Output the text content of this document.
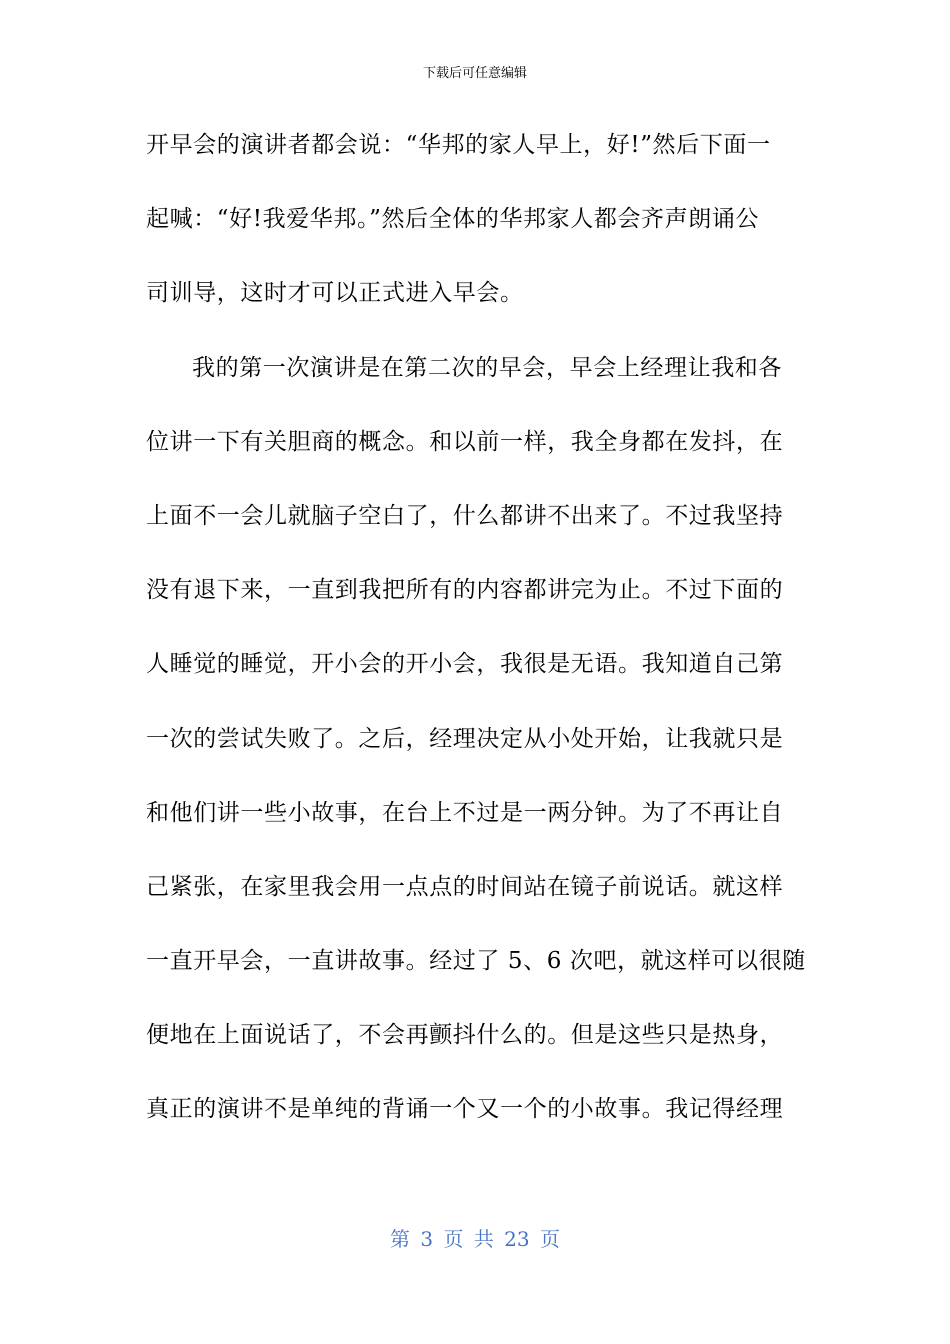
下载后可任意编辑
开早会的演讲者都会说：“华邦的家人早上，好!”然后下面一
起喊：“好!我爱华邦。”然后全体的华邦家人都会齐声朗诵公
司训导，这时才可以正式进入早会。
我的第一次演讲是在第二次的早会，早会上经理让我和各
位讲一下有关胆商的概念。和以前一样，我全身都在发抖，在
上面不一会儿就脑子空白了，什么都讲不出来了。不过我坚持
没有退下来，一直到我把所有的内容都讲完为止。不过下面的
人睡觉的睡觉，开小会的开小会，我很是无语。我知道自己第
一次的尝试失败了。之后，经理决定从小处开始，让我就只是
和他们讲一些小故事，在台上不过是一两分钟。为了不再让自
己紧张，在家里我会用一点点的时间站在镜子前说话。就这样
一直开早会，一直讲故事。经过了 5、6 次吧，就这样可以很随
便地在上面说话了，不会再颤抖什么的。但是这些只是热身，
真正的演讲不是单纯的背诵一个又一个的小故事。我记得经理
第 3 页 共 23 页
